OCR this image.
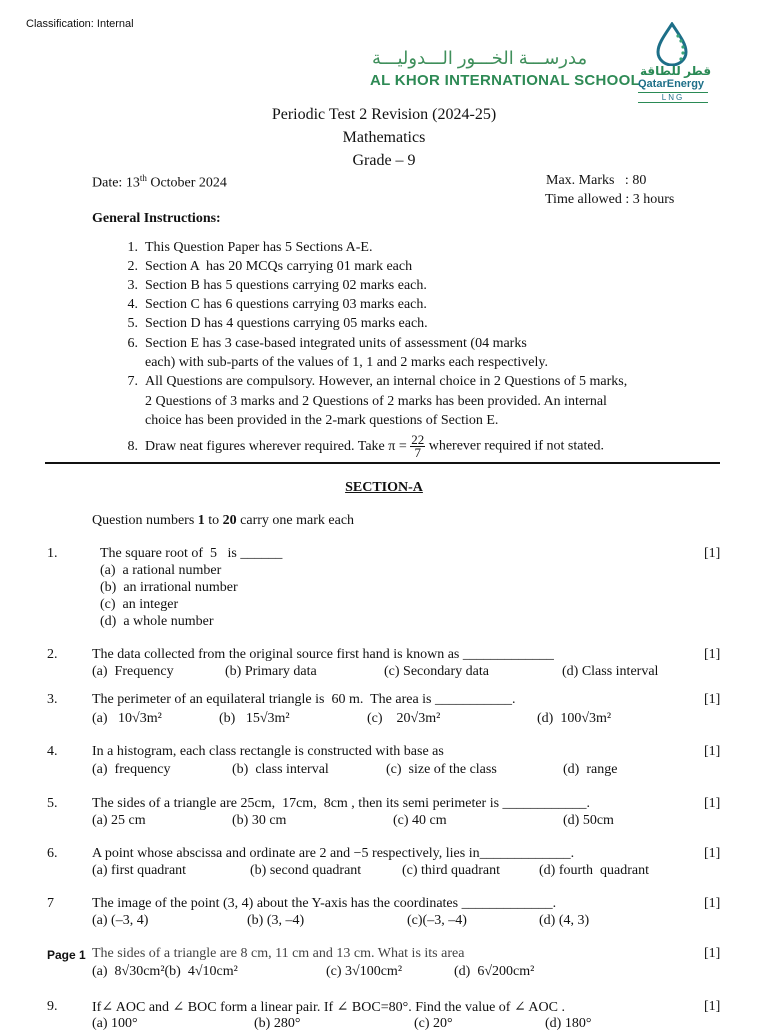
Classification: Internal
مدرســـة الخـــور الـــدوليـــة
AL KHOR INTERNATIONAL SCHOOL
قطر للطاقة
QatarEnergy
LNG
Periodic Test 2 Revision (2024-25)
Mathematics
Grade – 9
Date: 13th October 2024	Max. Marks   : 80
Time allowed : 3 hours
General Instructions:
1. This Question Paper has 5 Sections A-E.
2. Section A  has 20 MCQs carrying 01 mark each
3. Section B has 5 questions carrying 02 marks each.
4. Section C has 6 questions carrying 03 marks each.
5. Section D has 4 questions carrying 05 marks each.
6. Section E has 3 case-based integrated units of assessment (04 marks
each) with sub-parts of the values of 1, 1 and 2 marks each respectively.
7. All Questions are compulsory. However, an internal choice in 2 Questions of 5 marks,
2 Questions of 3 marks and 2 Questions of 2 marks has been provided. An internal
choice has been provided in the 2-mark questions of Section E.
8. Draw neat figures wherever required. Take $\pi = \frac{22}{7}$ wherever required if not stated.
SECTION-A
Question numbers 1 to 20 carry one mark each
1.	The square root of  5   is ______	[1]
(a)  a rational number
(b)  an irrational number
(c)  an integer
(d)  a whole number
2. The data collected from the original source first hand is known as _____________	[1]
(a)  Frequency	(b) Primary data	(c) Secondary data	(d) Class interval
3. The perimeter of an equilateral triangle is  60 m.  The area is ___________.	[1]
(a)   10√3m²	(b)   15√3m²	(c)    20√3m²	(d)  100√3m²
4. In a histogram, each class rectangle is constructed with base as	[1]
(a)  frequency	(b)  class interval	(c)  size of the class	(d)  range
5. The sides of a triangle are 25cm,  17cm,  8cm , then its semi perimeter is ____________.	[1]
(a) 25 cm	(b) 30 cm	(c) 40 cm	(d) 50cm
6. A point whose abscissa and ordinate are 2 and −5 respectively, lies in_____________.	[1]
(a) first quadrant	(b) second quadrant	(c) third quadrant	(d) fourth  quadrant
7	The image of the point (3, 4) about the Y-axis has the coordinates _____________.	[1]
(a) (–3, 4)	(b) (3, –4)	(c)(–3, –4)	(d) (4, 3)
Page 1 The sides of a triangle are 8 cm, 11 cm and 13 cm. What is its area	[1]
(a)  8√30cm²(b)  4√10cm²	(c) 3√100cm²	(d)  6√200cm²
9. If∠ AOC and ∠ BOC form a linear pair. If ∠ BOC=80°. Find the value of ∠ AOC .	[1]
(a) 100°	(b) 280°	(c) 20°	(d) 180°
